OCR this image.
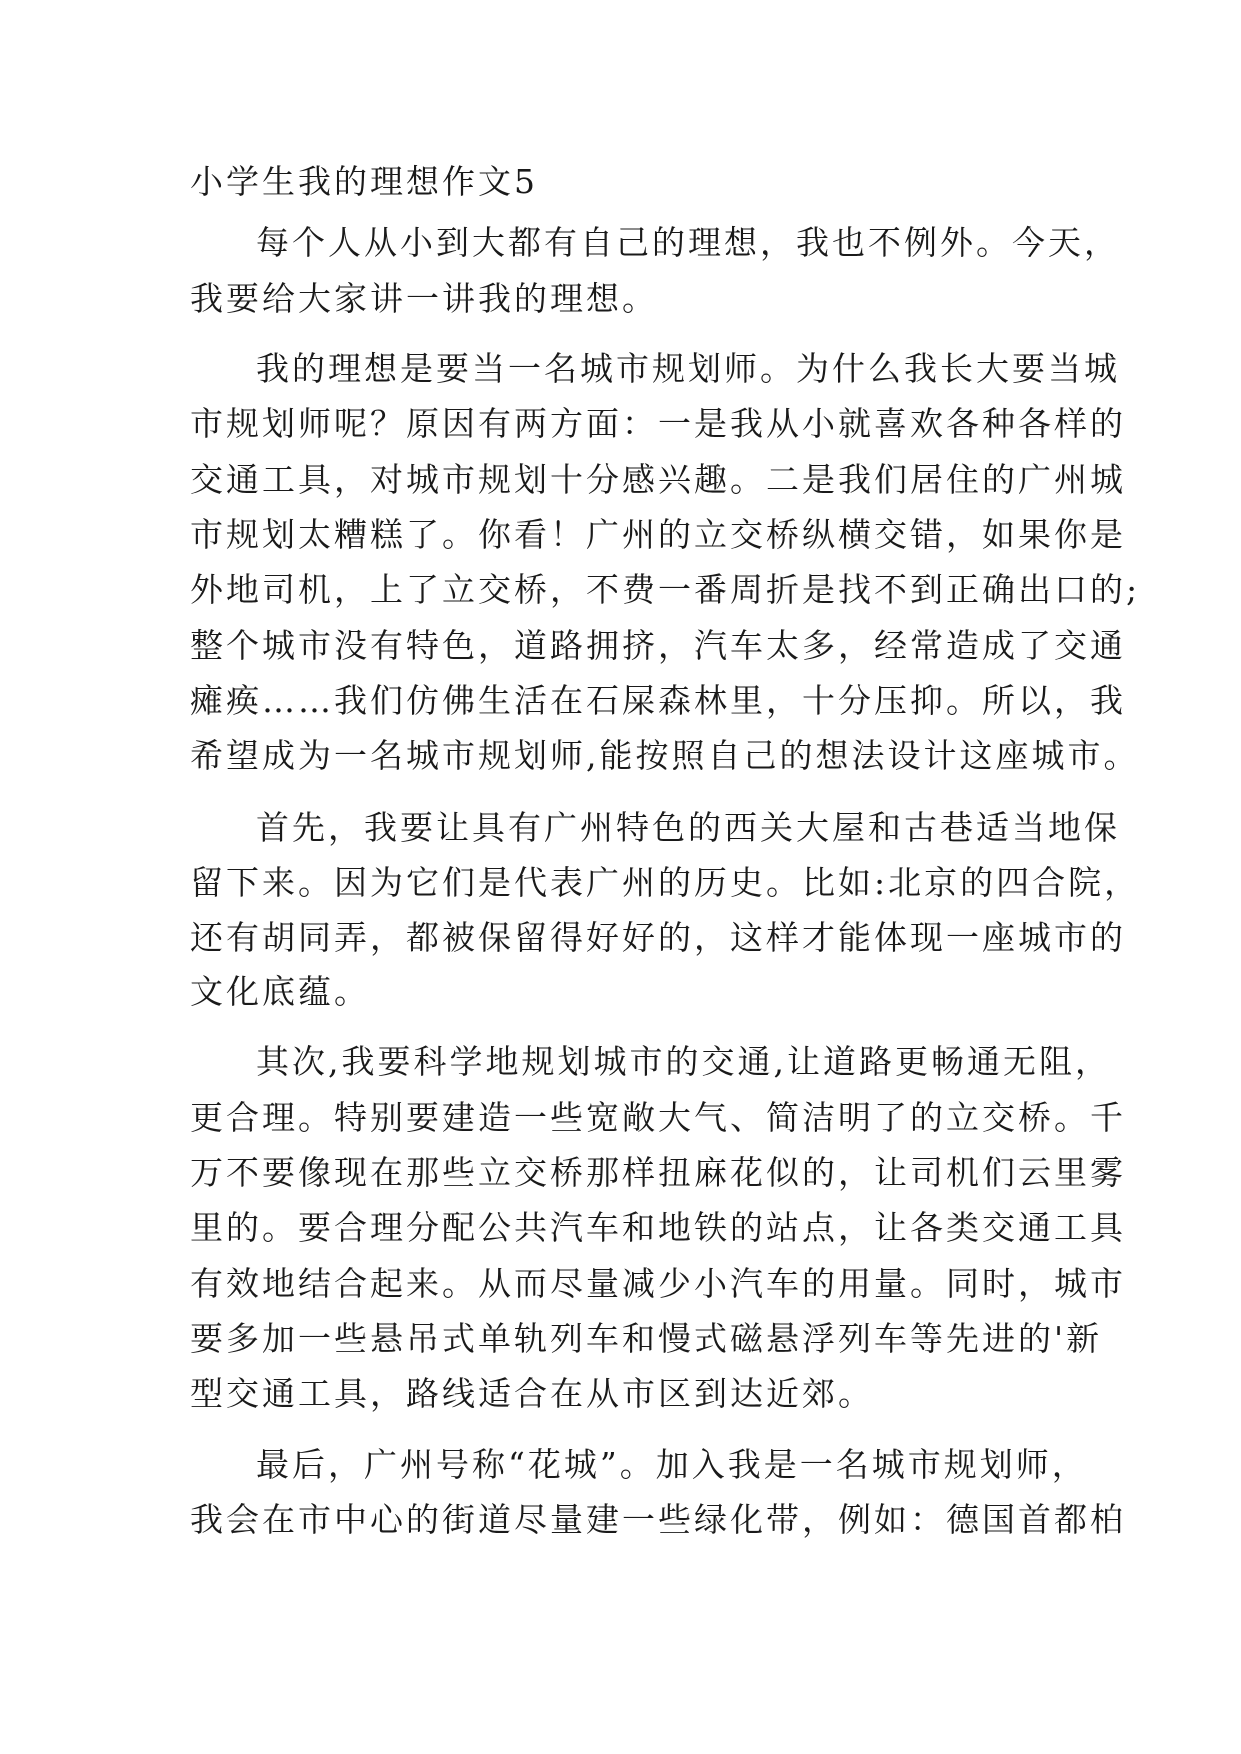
小学生我的理想作文5

每个人从小到大都有自己的理想，我也不例外。今天，

我要给大家讲一讲我的理想。

我的理想是要当一名城市规划师。为什么我长大要当城

市规划师呢？原因有两方面：一是我从小就喜欢各种各样的

交通工具，对城市规划十分感兴趣。二是我们居住的广州城

市规划太糟糕了。你看！广州的立交桥纵横交错，如果你是

外地司机，上了立交桥，不费一番周折是找不到正确出口的;

整个城市没有特色，道路拥挤，汽车太多，经常造成了交通

瘫痪……我们仿佛生活在石屎森林里，十分压抑。所以，我

希望成为一名城市规划师,能按照自己的想法设计这座城市。

首先，我要让具有广州特色的西关大屋和古巷适当地保

留下来。因为它们是代表广州的历史。比如:北京的四合院，

还有胡同弄，都被保留得好好的，这样才能体现一座城市的

文化底蕴。

其次,我要科学地规划城市的交通,让道路更畅通无阻，

更合理。特别要建造一些宽敞大气、简洁明了的立交桥。千

万不要像现在那些立交桥那样扭麻花似的，让司机们云里雾

里的。要合理分配公共汽车和地铁的站点，让各类交通工具

有效地结合起来。从而尽量减少小汽车的用量。同时，城市

要多加一些悬吊式单轨列车和慢式磁悬浮列车等先进的'新

型交通工具，路线适合在从市区到达近郊。

最后，广州号称“花城”。加入我是一名城市规划师，

我会在市中心的街道尽量建一些绿化带，例如：德国首都柏
